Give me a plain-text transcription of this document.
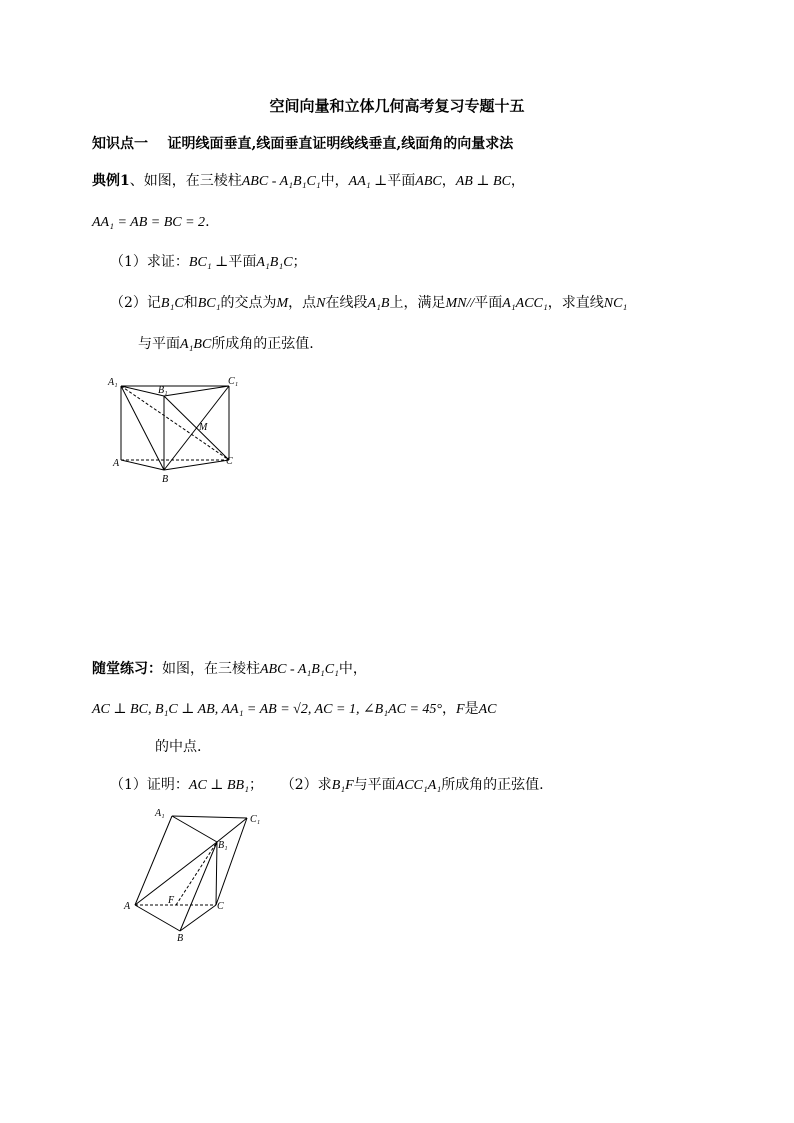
空间向量和立体几何高考复习专题十五
知识点一 证明线面垂直,线面垂直证明线线垂直,线面角的向量求法
典例1、如图，在三棱柱ABC - A₁B₁C₁中，AA₁ ⊥平面ABC，AB ⊥ BC，
AA₁ = AB = BC = 2.
（1）求证：BC₁ ⊥平面A₁B₁C；
（2）记B₁C和BC₁的交点为M，点N在线段A₁B上，满足MN//平面A₁ACC₁，求直线NC₁
与平面A₁BC所成角的正弦值.
A₁
B₁
C₁
M
A
B
C
随堂练习：如图，在三棱柱ABC - A₁B₁C₁中，
AC ⊥ BC, B₁C ⊥ AB, AA₁ = AB = √2, AC = 1, ∠B₁AC = 45°，F是AC
的中点.
（1）证明：AC ⊥ BB₁； （2）求B₁F与平面ACC₁A₁所成角的正弦值.
A₁
C₁
B₁
F
A	C
B
